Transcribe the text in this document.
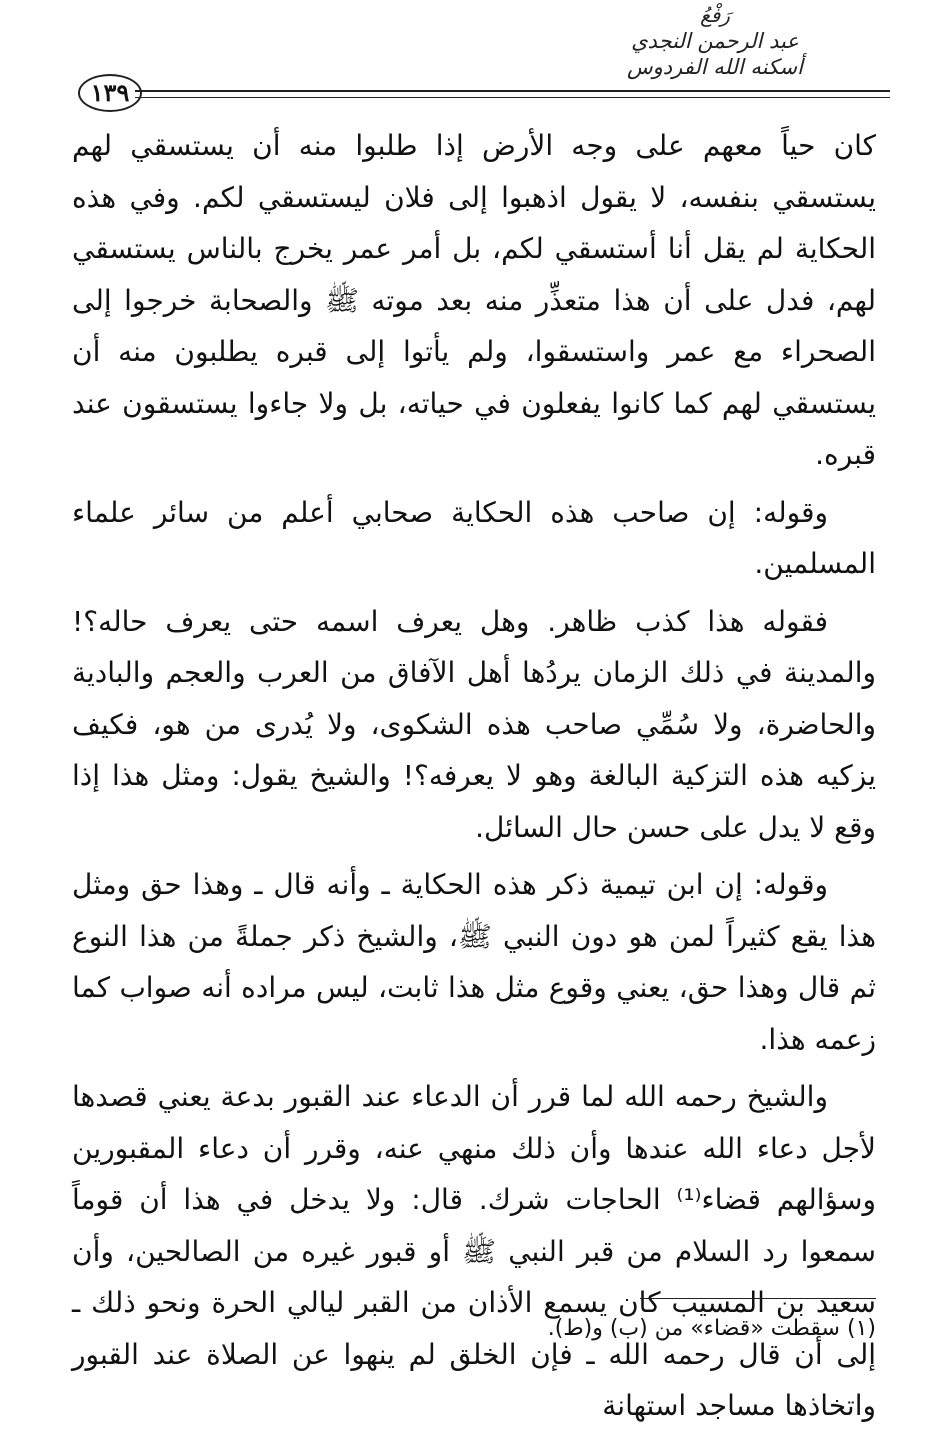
رَفْعُ
عبد الرحمن النجدي
أسكنه الله الفردوس
١٣٩

كان حياً معهم على وجه الأرض إذا طلبوا منه أن يستسقي لهم يستسقي بنفسه، لا يقول اذهبوا إلى فلان ليستسقي لكم. وفي هذه الحكاية لم يقل أنا أستسقي لكم، بل أمر عمر يخرج بالناس يستسقي لهم، فدل على أن هذا متعذِّر منه بعد موته ﷺ والصحابة خرجوا إلى الصحراء مع عمر واستسقوا، ولم يأتوا إلى قبره يطلبون منه أن يستسقي لهم كما كانوا يفعلون في حياته، بل ولا جاءوا يستسقون عند قبره.

وقوله: إن صاحب هذه الحكاية صحابي أعلم من سائر علماء المسلمين.

فقوله هذا كذب ظاهر. وهل يعرف اسمه حتى يعرف حاله؟! والمدينة في ذلك الزمان يردُها أهل الآفاق من العرب والعجم والبادية والحاضرة، ولا سُمِّي صاحب هذه الشكوى، ولا يُدرى من هو، فكيف يزكيه هذه التزكية البالغة وهو لا يعرفه؟! والشيخ يقول: ومثل هذا إذا وقع لا يدل على حسن حال السائل.

وقوله: إن ابن تيمية ذكر هذه الحكاية ـ وأنه قال ـ وهذا حق ومثل هذا يقع كثيراً لمن هو دون النبي ﷺ، والشيخ ذكر جملةً من هذا النوع ثم قال وهذا حق، يعني وقوع مثل هذا ثابت، ليس مراده أنه صواب كما زعمه هذا.

والشيخ رحمه الله لما قرر أن الدعاء عند القبور بدعة يعني قصدها لأجل دعاء الله عندها وأن ذلك منهي عنه، وقرر أن دعاء المقبورين وسؤالهم قضاء⁽¹⁾ الحاجات شرك. قال: ولا يدخل في هذا أن قوماً سمعوا رد السلام من قبر النبي ﷺ أو قبور غيره من الصالحين، وأن سعيد بن المسيب كان يسمع الأذان من القبر ليالي الحرة ونحو ذلك ـ إلى أن قال رحمه الله ـ فإن الخلق لم ينهوا عن الصلاة عند القبور واتخاذها مساجد استهانة

(١) سقطت «قضاء» من (ب) و(ط).
